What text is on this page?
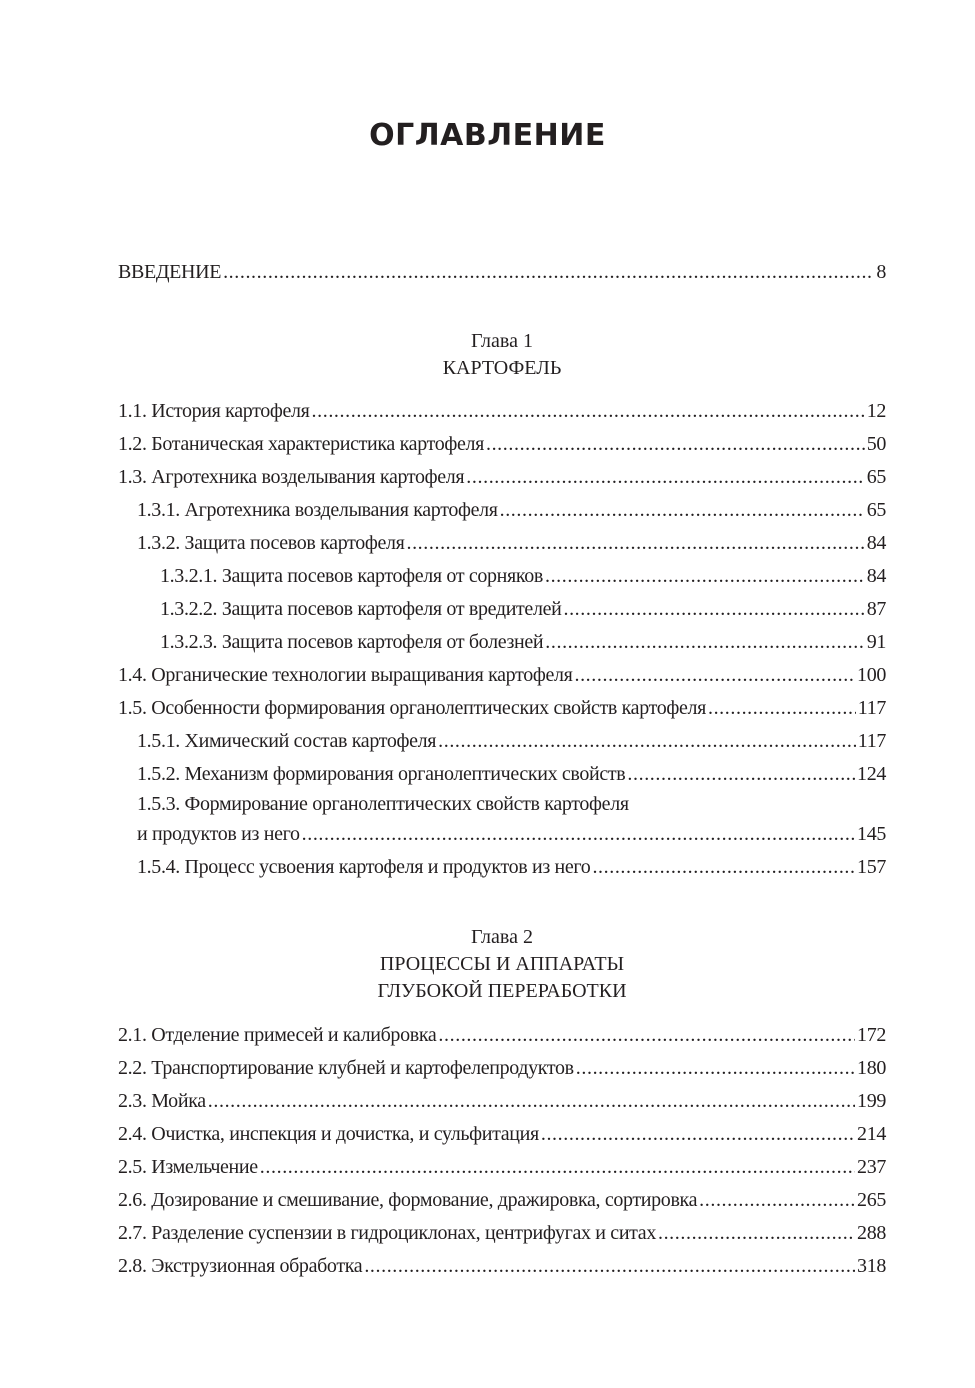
ОГЛАВЛЕНИЕ
ВВЕДЕНИЕ .....	8
Глава 1
КАРТОФЕЛЬ
1.1. История картофеля .....	12
1.2. Ботаническая характеристика картофеля .....	50
1.3. Агротехника возделывания картофеля .....	65
1.3.1. Агротехника возделывания картофеля .....	65
1.3.2. Защита посевов картофеля .....	84
1.3.2.1. Защита посевов картофеля от сорняков .....	84
1.3.2.2. Защита посевов картофеля от вредителей .....	87
1.3.2.3. Защита посевов картофеля от болезней .....	91
1.4. Органические технологии выращивания картофеля .....	100
1.5. Особенности формирования органолептических свойств картофеля .....	117
1.5.1. Химический состав картофеля .....	117
1.5.2. Механизм формирования органолептических свойств .....	124
1.5.3. Формирование органолептических свойств картофеля
и продуктов из него .....	145
1.5.4. Процесс усвоения картофеля и продуктов из него .....	157
Глава 2
ПРОЦЕССЫ И АППАРАТЫ
ГЛУБОКОЙ ПЕРЕРАБОТКИ
2.1. Отделение примесей и калибровка .....	172
2.2. Транспортирование клубней и картофелепродуктов .....	180
2.3. Мойка .....	199
2.4. Очистка, инспекция и дочистка, и сульфитация .....	214
2.5. Измельчение .....	237
2.6. Дозирование и смешивание, формование, дражировка, сортировка .....	265
2.7. Разделение суспензии в гидроциклонах, центрифугах и ситах .....	288
2.8. Экструзионная обработка .....	318
